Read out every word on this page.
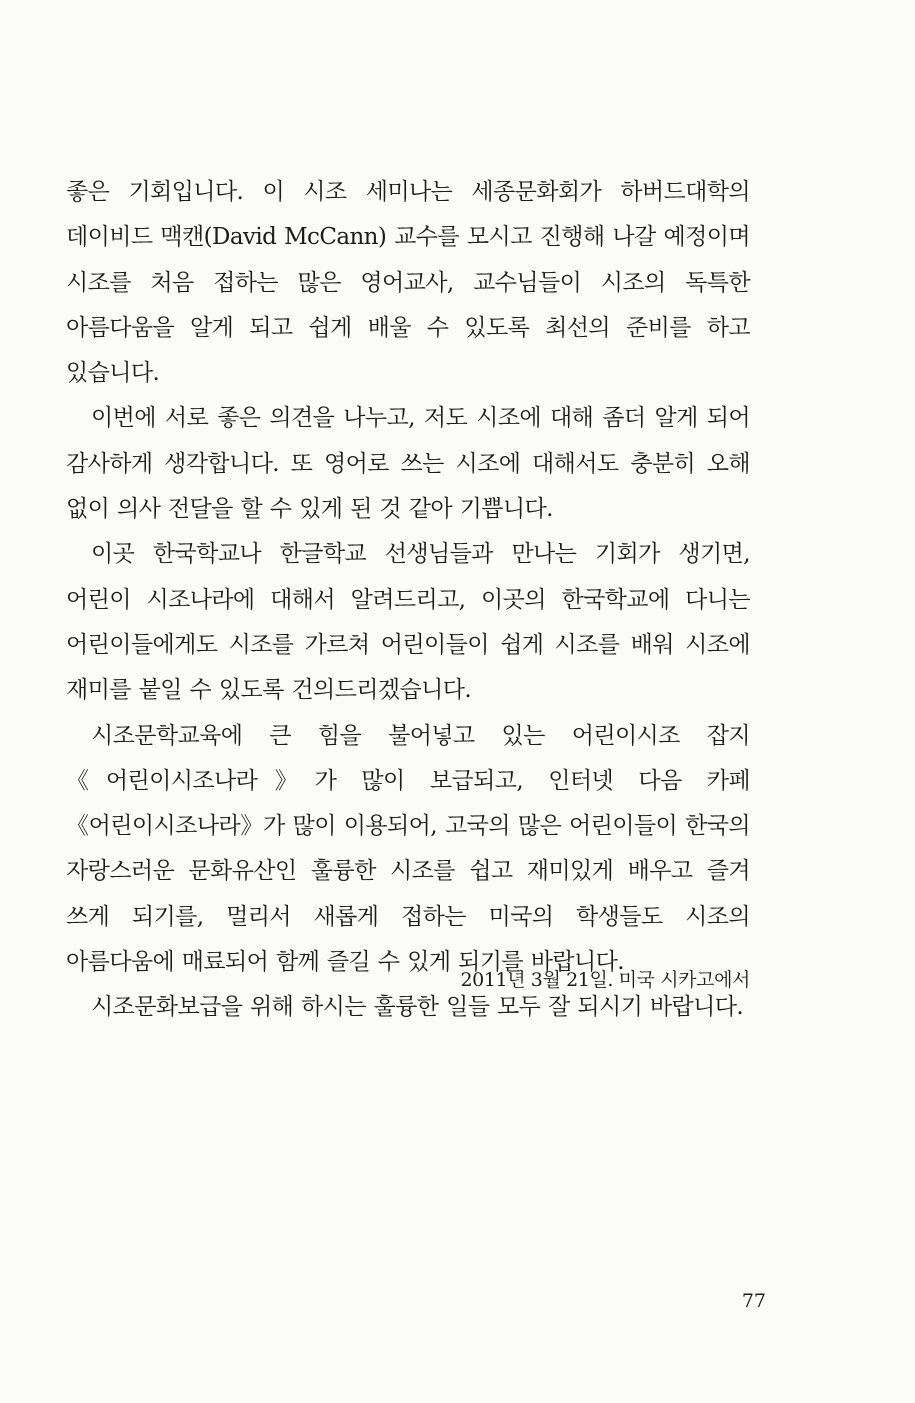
좋은 기회입니다. 이 시조 세미나는 세종문화회가 하버드대학의 데이비드 맥캔(David McCann) 교수를 모시고 진행해 나갈 예정이며 시조를 처음 접하는 많은 영어교사, 교수님들이 시조의 독특한 아름다움을 알게 되고 쉽게 배울 수 있도록 최선의 준비를 하고 있습니다.

이번에 서로 좋은 의견을 나누고, 저도 시조에 대해 좀더 알게 되어 감사하게 생각합니다. 또 영어로 쓰는 시조에 대해서도 충분히 오해 없이 의사 전달을 할 수 있게 된 것 같아 기쁩니다.

이곳 한국학교나 한글학교 선생님들과 만나는 기회가 생기면, 어린이 시조나라에 대해서 알려드리고, 이곳의 한국학교에 다니는 어린이들에게도 시조를 가르쳐 어린이들이 쉽게 시조를 배워 시조에 재미를 붙일 수 있도록 건의드리겠습니다.

시조문학교육에 큰 힘을 불어넣고 있는 어린이시조 잡지《어린이시조나라》가 많이 보급되고, 인터넷 다음 카페《어린이시조나라》가 많이 이용되어, 고국의 많은 어린이들이 한국의 자랑스러운 문화유산인 훌륭한 시조를 쉽고 재미있게 배우고 즐겨 쓰게 되기를, 멀리서 새롭게 접하는 미국의 학생들도 시조의 아름다움에 매료되어 함께 즐길 수 있게 되기를 바랍니다.

시조문화보급을 위해 하시는 훌륭한 일들 모두 잘 되시기 바랍니다.

2011년 3월 21일. 미국 시카고에서
77
